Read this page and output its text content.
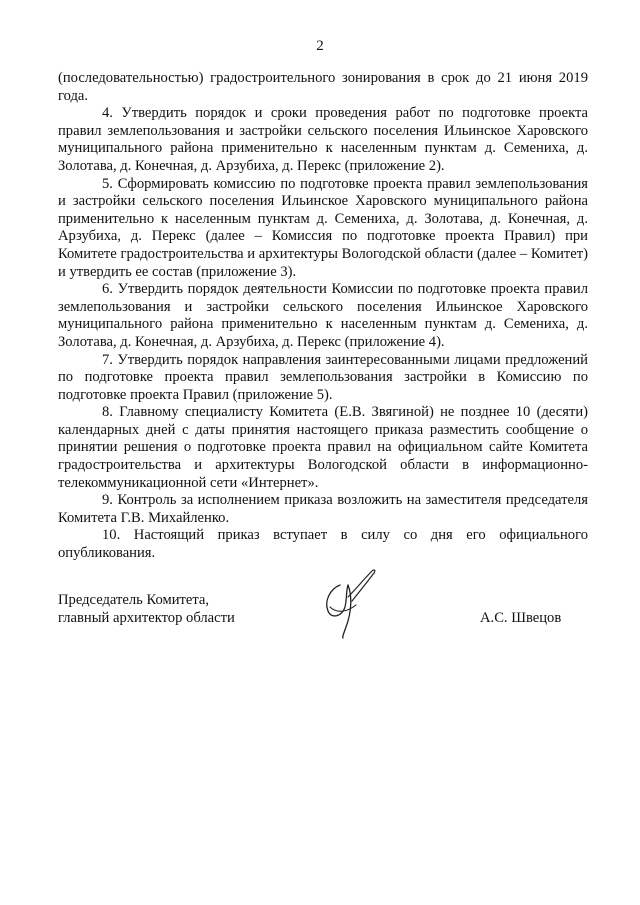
2

(последовательностью) градостроительного зонирования в срок до 21 июня 2019 года.

4. Утвердить порядок и сроки проведения работ по подготовке проекта правил землепользования и застройки сельского поселения Ильинское Харовского муниципального района применительно к населенным пунктам д. Семениха, д. Золотава, д. Конечная, д. Арзубиха, д. Перекс (приложение 2).

5. Сформировать комиссию по подготовке проекта правил землепользования и застройки сельского поселения Ильинское Харовского муниципального района применительно к населенным пунктам д. Семениха, д. Золотава, д. Конечная, д. Арзубиха, д. Перекс (далее – Комиссия по подготовке проекта Правил) при Комитете градостроительства и архитектуры Вологодской области (далее – Комитет) и утвердить ее состав (приложение 3).

6. Утвердить порядок деятельности Комиссии по подготовке проекта правил землепользования и застройки сельского поселения Ильинское Харовского муниципального района применительно к населенным пунктам д. Семениха, д. Золотава, д. Конечная, д. Арзубиха, д. Перекс (приложение 4).

7. Утвердить порядок направления заинтересованными лицами предложений по подготовке проекта правил землепользования застройки в Комиссию по подготовке проекта Правил (приложение 5).

8. Главному специалисту Комитета (Е.В. Звягиной) не позднее 10 (десяти) календарных дней с даты принятия настоящего приказа разместить сообщение о принятии решения о подготовке проекта правил на официальном сайте Комитета градостроительства и архитектуры Вологодской области в информационно-телекоммуникационной сети «Интернет».

9. Контроль за исполнением приказа возложить на заместителя председателя Комитета Г.В. Михайленко.

10. Настоящий приказ вступает в силу со дня его официального опубликования.

Председатель Комитета,
главный архитектор области	А.С. Швецов
